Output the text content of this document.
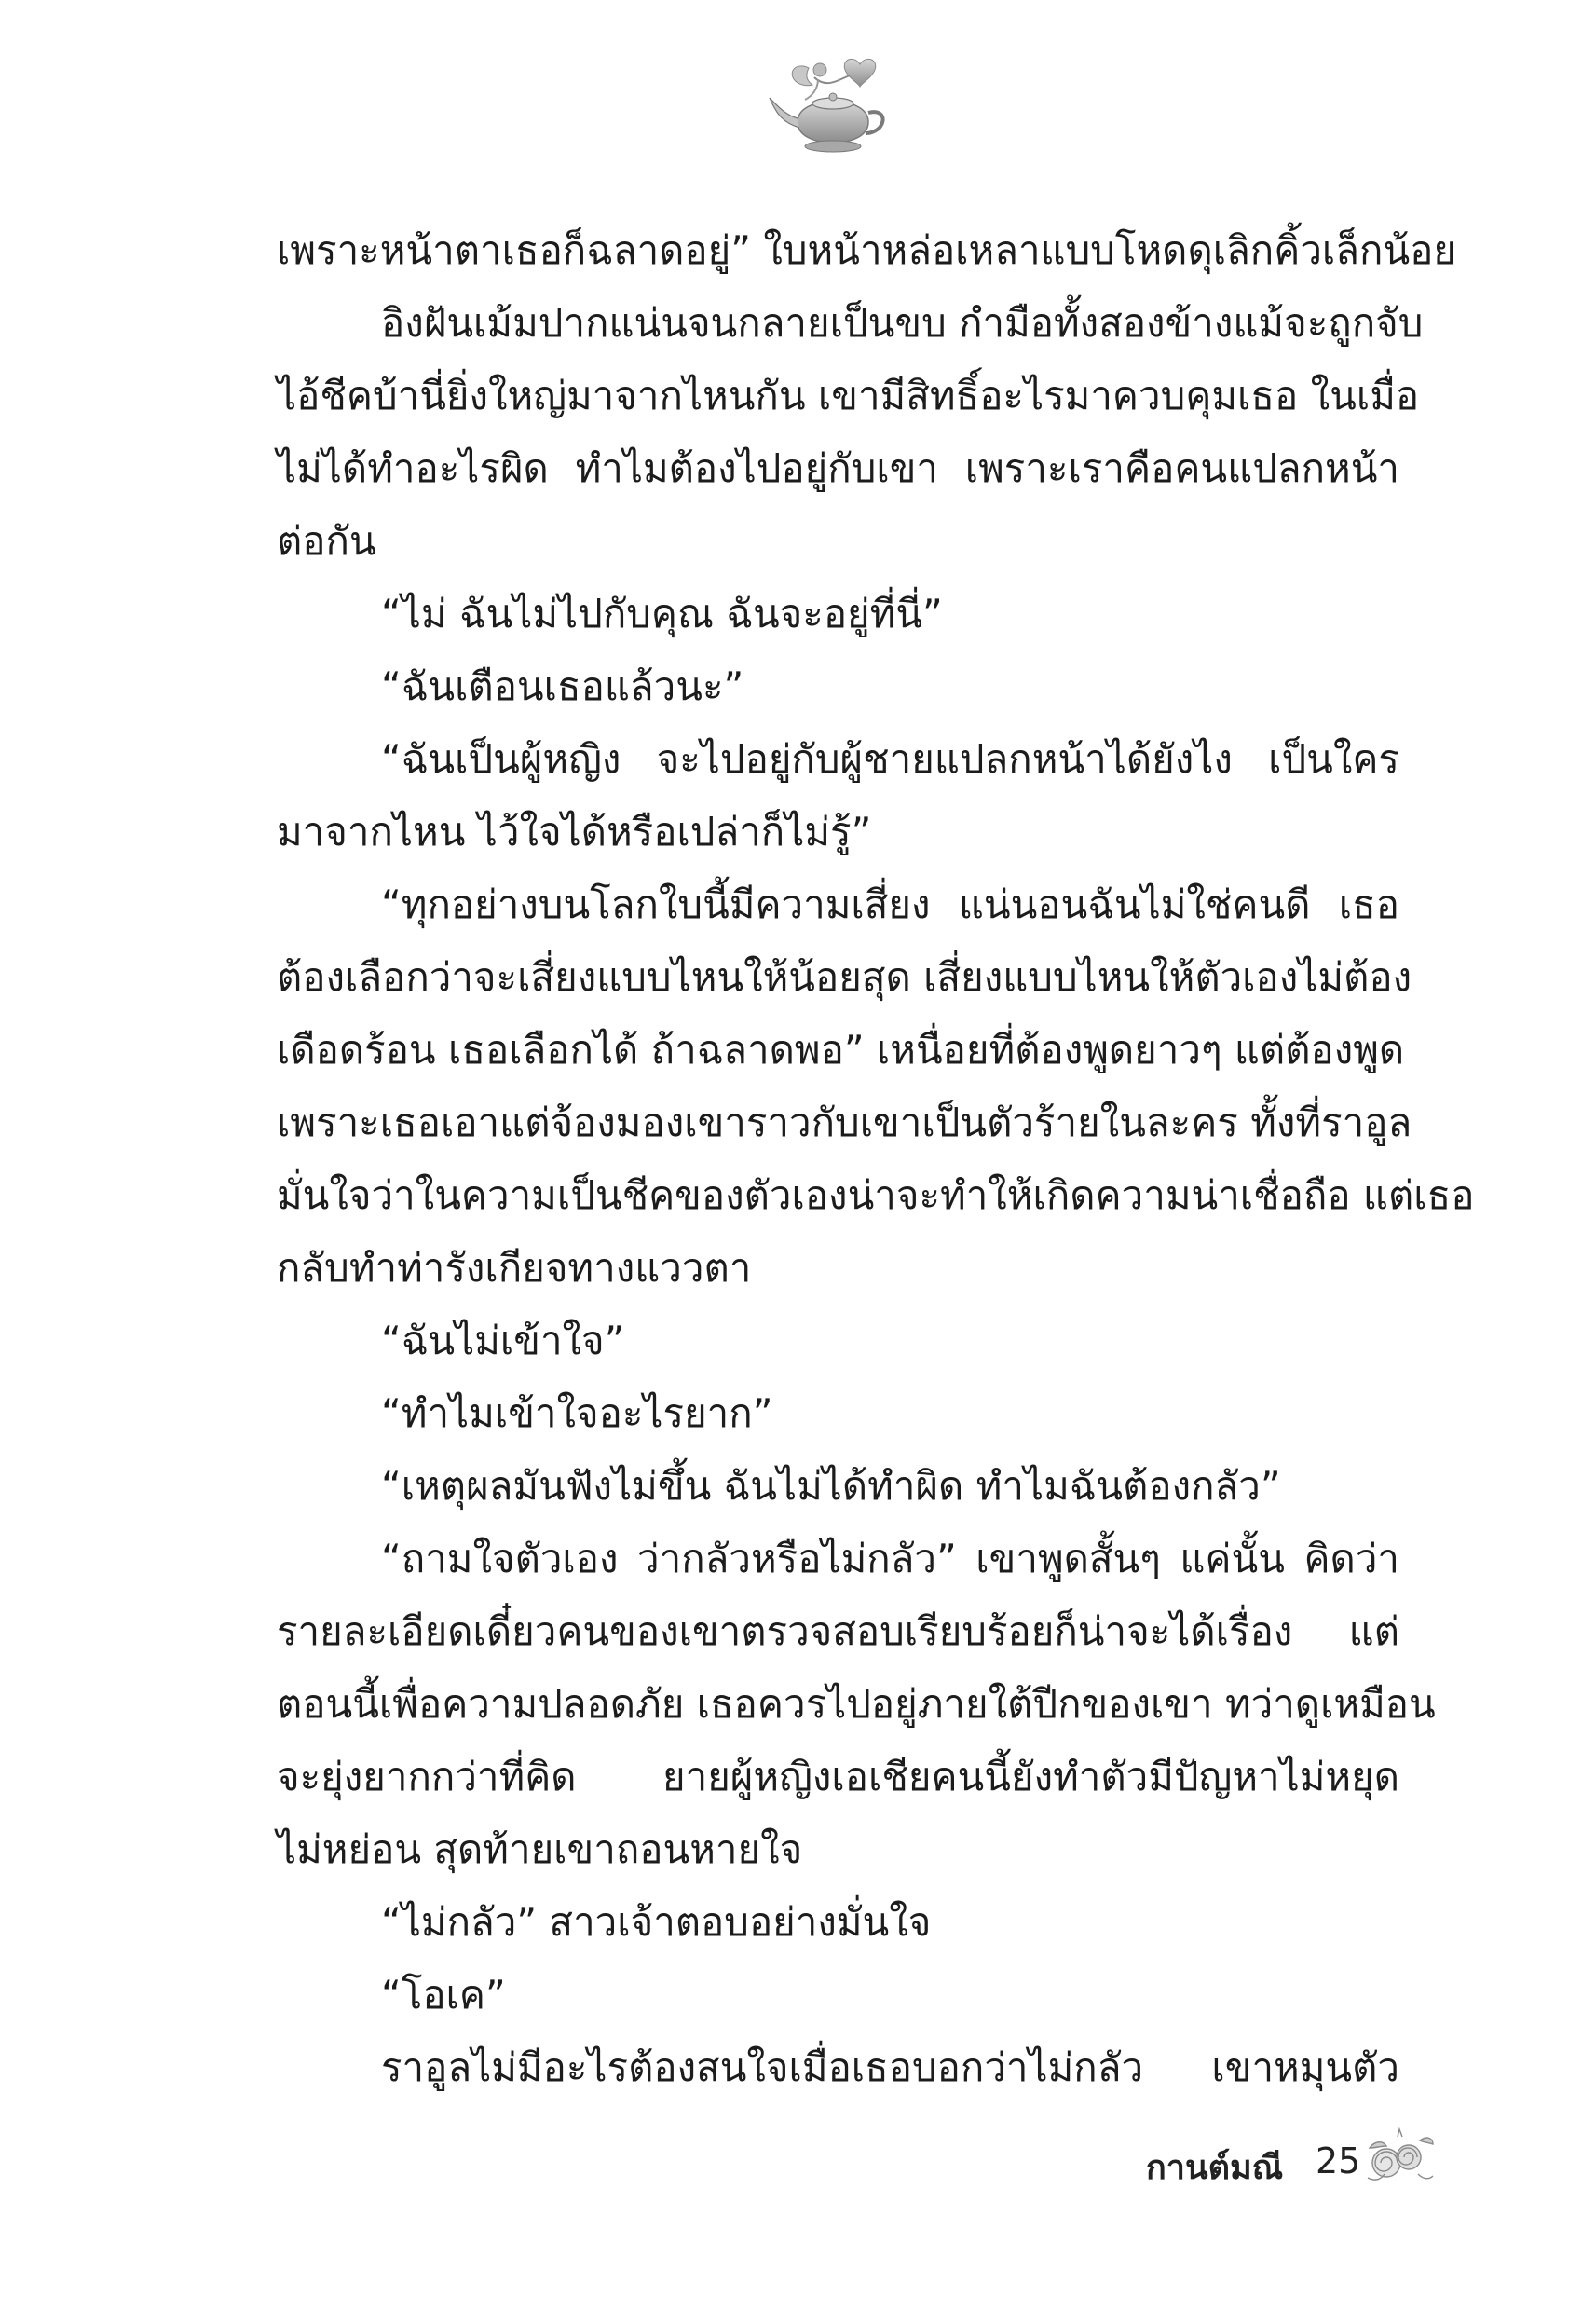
เพราะหน้าตาเธอก็ฉลาดอยู่” ใบหน้าหล่อเหลาแบบโหดดุเลิกคิ้วเล็กน้อย
อิงฝันเม้มปากแน่นจนกลายเป็นขบ กำมือทั้งสองข้างแม้จะถูกจับ
ไอ้ชีคบ้านี่ยิ่งใหญ่มาจากไหนกัน เขามีสิทธิ์อะไรมาควบคุมเธอ ในเมื่อ
ไม่ได้ทำอะไรผิด ทำไมต้องไปอยู่กับเขา เพราะเราคือคนแปลกหน้า
ต่อกัน
“ไม่ ฉันไม่ไปกับคุณ ฉันจะอยู่ที่นี่”
“ฉันเตือนเธอแล้วนะ”
“ฉันเป็นผู้หญิง จะไปอยู่กับผู้ชายแปลกหน้าได้ยังไง เป็นใคร
มาจากไหน ไว้ใจได้หรือเปล่าก็ไม่รู้”
“ทุกอย่างบนโลกใบนี้มีความเสี่ยง แน่นอนฉันไม่ใช่คนดี เธอ
ต้องเลือกว่าจะเสี่ยงแบบไหนให้น้อยสุด เสี่ยงแบบไหนให้ตัวเองไม่ต้อง
เดือดร้อน เธอเลือกได้ ถ้าฉลาดพอ” เหนื่อยที่ต้องพูดยาวๆ แต่ต้องพูด
เพราะเธอเอาแต่จ้องมองเขาราวกับเขาเป็นตัวร้ายในละคร ทั้งที่ราอูล
มั่นใจว่าในความเป็นชีคของตัวเองน่าจะทำให้เกิดความน่าเชื่อถือ แต่เธอ
กลับทำท่ารังเกียจทางแววตา
“ฉันไม่เข้าใจ”
“ทำไมเข้าใจอะไรยาก”
“เหตุผลมันฟังไม่ขึ้น ฉันไม่ได้ทำผิด ทำไมฉันต้องกลัว”
“ถามใจตัวเอง ว่ากลัวหรือไม่กลัว” เขาพูดสั้นๆ แค่นั้น คิดว่า
รายละเอียดเดี๋ยวคนของเขาตรวจสอบเรียบร้อยก็น่าจะได้เรื่อง แต่
ตอนนี้เพื่อความปลอดภัย เธอควรไปอยู่ภายใต้ปีกของเขา ทว่าดูเหมือน
จะยุ่งยากกว่าที่คิด ยายผู้หญิงเอเชียคนนี้ยังทำตัวมีปัญหาไม่หยุด
ไม่หย่อน สุดท้ายเขาถอนหายใจ
“ไม่กลัว” สาวเจ้าตอบอย่างมั่นใจ
“โอเค”
ราอูลไม่มีอะไรต้องสนใจเมื่อเธอบอกว่าไม่กลัว เขาหมุนตัว
กานต์มณี 25
